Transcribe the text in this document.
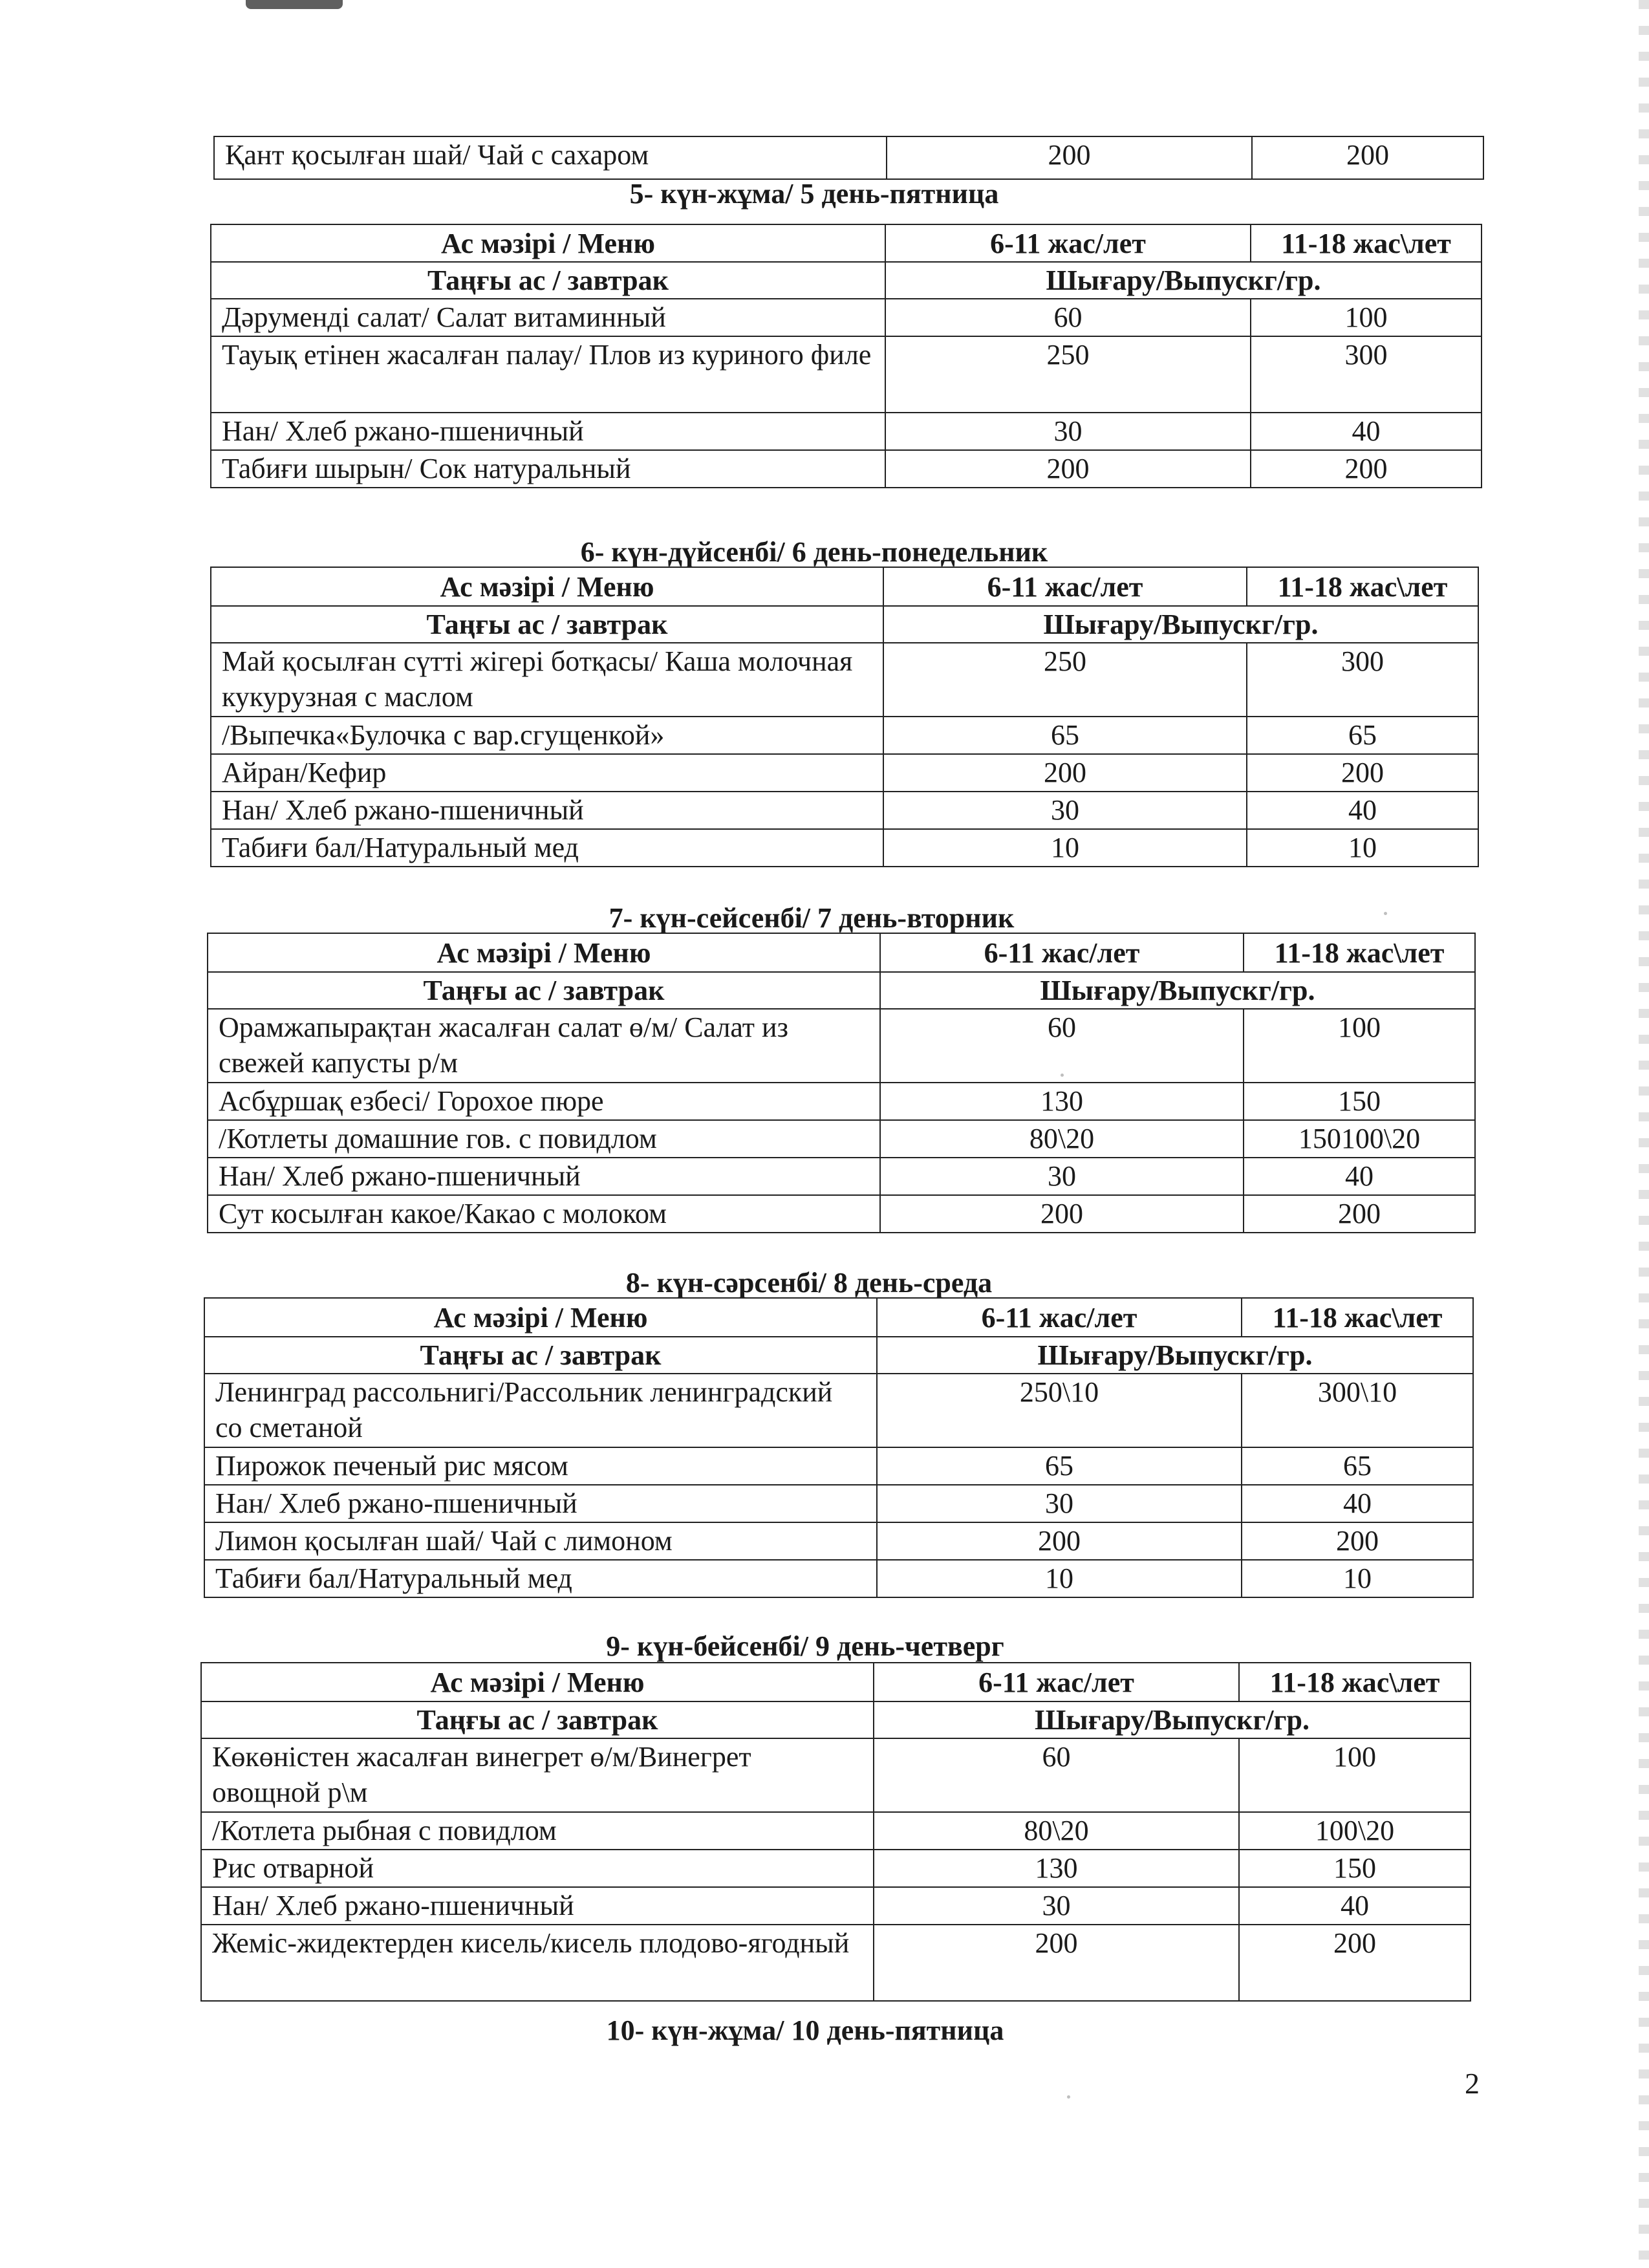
Қант қосылған шай/ Чай с сахаром	200	200
5- күн-жұма/ 5 день-пятница
Ас мәзірі / Меню	6-11 жас/лет	11-18 жас\лет
Таңғы ас / завтрак	Шығару/Выпускг/гр.	
Дәрумендi салат/ Салат витаминный	60	100
Тауық етінен жасалған палау/ Плов из куриного филе	250	300
Нан/ Хлеб ржано-пшеничный	30	40
Табиғи шырын/ Сок натуральный	200	200
6- күн-дүйсенбі/ 6 день-понедельник
Ас мәзірі / Меню	6-11 жас/лет	11-18 жас\лет
Таңғы ас / завтрак	Шығару/Выпускг/гр.	
Май қосылған сүтті жігері ботқасы/ Каша молочная кукурузная с маслом	250	300
/Выпечка«Булочка с вар.сгущенкой»	65	65
Айран/Кефир	200	200
Нан/ Хлеб ржано-пшеничный	30	40
Табиғи бал/Натуральный мед	10	10
7- күн-сейсенбі/ 7 день-вторник
Ас мәзірі / Меню	6-11 жас/лет	11-18 жас\лет
Таңғы ас / завтрак	Шығару/Выпускг/гр.	
Орамжапырақтан жасалған салат ө/м/ Салат из свежей капусты р/м	60	100
Асбұршақ езбесі/ Горохое пюре	130	150
/Котлеты домашние гов. с повидлом	80\20	150100\20
Нан/ Хлеб ржано-пшеничный	30	40
Сут косылған какое/Какао с молоком	200	200
8- күн-сәрсенбі/ 8 день-среда
Ас мәзірі / Меню	6-11 жас/лет	11-18 жас\лет
Таңғы ас / завтрак	Шығару/Выпускг/гр.	
Ленинград рассольнигі/Рассольник ленинградский со сметаной	250\10	300\10
Пирожок печеный рис мясом	65	65
Нан/ Хлеб ржано-пшеничный	30	40
Лимон қосылған шай/ Чай с лимоном	200	200
Табиғи бал/Натуральный мед	10	10
9- күн-бейсенбі/ 9 день-четверг
Ас мәзірі / Меню	6-11 жас/лет	11-18 жас\лет
Таңғы ас / завтрак	Шығару/Выпускг/гр.	
Көкөністен жасалған винегрет ө/м/Винегрет овощной р\м	60	100
/Котлета рыбная с повидлом	80\20	100\20
Рис отварной	130	150
Нан/ Хлеб ржано-пшеничный	30	40
Жеміс-жидектерден кисель/кисель плодово-ягодный	200	200
10- күн-жұма/ 10 день-пятница
2
